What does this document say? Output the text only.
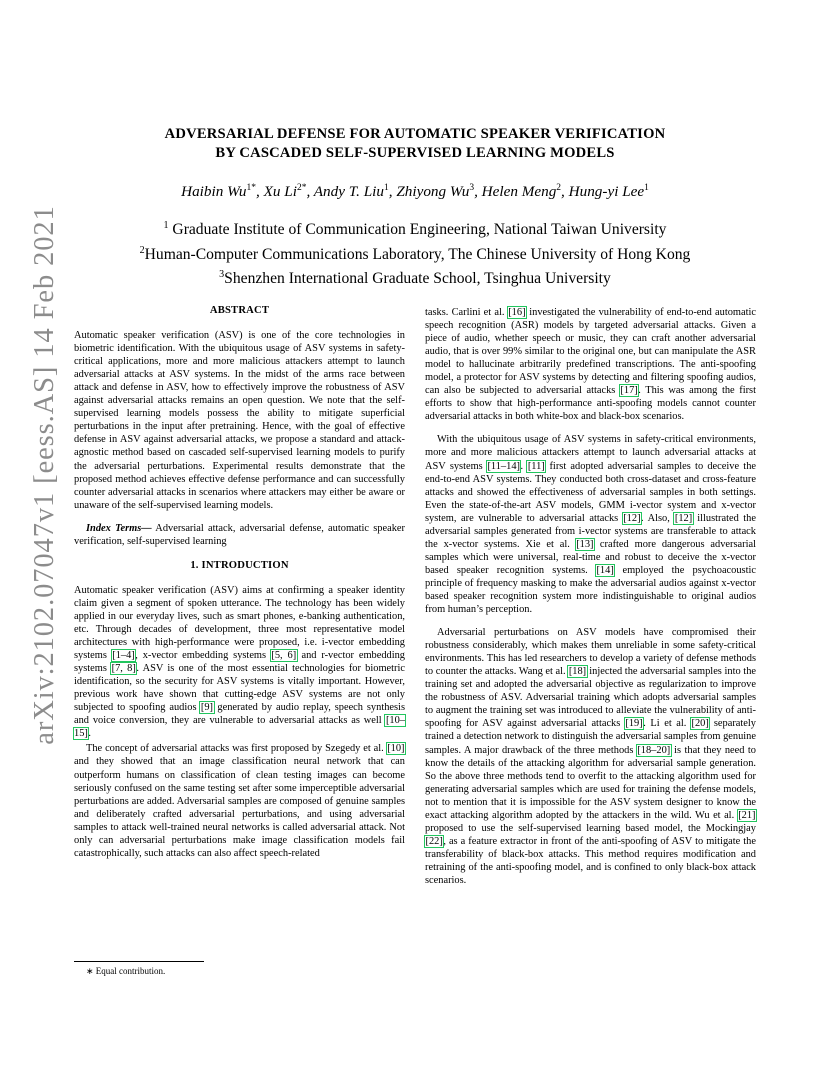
arXiv:2102.07047v1 [eess.AS] 14 Feb 2021
ADVERSARIAL DEFENSE FOR AUTOMATIC SPEAKER VERIFICATION
BY CASCADED SELF-SUPERVISED LEARNING MODELS
Haibin $Wu^{1*}$, Xu $Li^{2*}$, Andy T. Liu$^1$, Zhiyong Wu$^3$, Helen Meng$^2$, Hung-yi Lee$^1$
$^1$ Graduate Institute of Communication Engineering, National Taiwan University
$^2$Human-Computer Communications Laboratory, The Chinese University of Hong Kong
$^3$Shenzhen International Graduate School, Tsinghua University
ABSTRACT

Automatic speaker verification (ASV) is one of the core technologies in biometric identification. With the ubiquitous usage of ASV systems in safety-critical applications, more and more malicious attackers attempt to launch adversarial attacks at ASV systems. In the midst of the arms race between attack and defense in ASV, how to effectively improve the robustness of ASV against adversarial attacks remains an open question. We note that the self-supervised learning models possess the ability to mitigate superficial perturbations in the input after pretraining. Hence, with the goal of effective defense in ASV against adversarial attacks, we propose a standard and attack-agnostic method based on cascaded self-supervised learning models to purify the adversarial perturbations. Experimental results demonstrate that the proposed method achieves effective defense performance and can successfully counter adversarial attacks in scenarios where attackers may either be aware or unaware of the self-supervised learning models.

Index Terms— Adversarial attack, adversarial defense, automatic speaker verification, self-supervised learning

1. INTRODUCTION

Automatic speaker verification (ASV) aims at confirming a speaker identity claim given a segment of spoken utterance. The technology has been widely applied in our everyday lives, such as smart phones, e-banking authentication, etc. Through decades of development, three most representative model architectures with high-performance were proposed, i.e. i-vector embedding systems [1–4], x-vector embedding systems [5, 6] and r-vector embedding systems [7, 8]. ASV is one of the most essential technologies for biometric identification, so the security for ASV systems is vitally important. However, previous work have shown that cutting-edge ASV systems are not only subjected to spoofing audios [9] generated by audio replay, speech synthesis and voice conversion, they are vulnerable to adversarial attacks as well [10–15].

The concept of adversarial attacks was first proposed by Szegedy et al. [10] and they showed that an image classification neural network that can outperform humans on classification of clean testing images can become seriously confused on the same testing set after some imperceptible adversarial perturbations are added. Adversarial samples are composed of genuine samples and deliberately crafted adversarial perturbations, and using adversarial samples to attack well-trained neural networks is called adversarial attack. Not only can adversarial perturbations make image classification models fail catastrophically, such attacks can also affect speech-related

tasks. Carlini et al. [16] investigated the vulnerability of end-to-end automatic speech recognition (ASR) models by targeted adversarial attacks. Given a piece of audio, whether speech or music, they can craft another adversarial audio, that is over 99% similar to the original one, but can manipulate the ASR model to hallucinate arbitrarily predefined transcriptions. The anti-spoofing model, a protector for ASV systems by detecting and filtering spoofing audios, can also be subjected to adversarial attacks [17]. This was among the first efforts to show that high-performance anti-spoofing models cannot counter adversarial attacks in both white-box and black-box scenarios.

With the ubiquitous usage of ASV systems in safety-critical environments, more and more malicious attackers attempt to launch adversarial attacks at ASV systems [11–14]. [11] first adopted adversarial samples to deceive the end-to-end ASV systems. They conducted both cross-dataset and cross-feature attacks and showed the effectiveness of adversarial samples in both settings. Even the state-of-the-art ASV models, GMM i-vector system and x-vector system, are vulnerable to adversarial attacks [12]. Also, [12] illustrated the adversarial samples generated from i-vector systems are transferable to attack the x-vector systems. Xie et al. [13] crafted more dangerous adversarial samples which were universal, real-time and robust to deceive the x-vector based speaker recognition systems. [14] employed the psychoacoustic principle of frequency masking to make the adversarial audios against x-vector based speaker recognition system more indistinguishable to original audios from human’s perception.

Adversarial perturbations on ASV models have compromised their robustness considerably, which makes them unreliable in some safety-critical environments. This has led researchers to develop a variety of defense methods to counter the attacks. Wang et al. [18] injected the adversarial samples into the training set and adopted the adversarial objective as regularization to improve the robustness of ASV. Adversarial training which adopts adversarial samples to augment the training set was introduced to alleviate the vulnerability of anti-spoofing for ASV against adversarial attacks [19]. Li et al. [20] separately trained a detection network to distinguish the adversarial samples from genuine samples. A major drawback of the three methods [18–20] is that they need to know the details of the attacking algorithm for adversarial sample generation. So the above three methods tend to overfit to the attacking algorithm used for generating adversarial samples which are used for training the defense models, not to mention that it is impossible for the ASV system designer to know the exact attacking algorithm adopted by the attackers in the wild. Wu et al. [21] proposed to use the self-supervised learning based model, the Mockingjay [22], as a feature extractor in front of the anti-spoofing of ASV to mitigate the transferability of black-box attacks. This method requires modification and retraining of the anti-spoofing model, and is confined to only black-box attack scenarios.

∗ Equal contribution.
